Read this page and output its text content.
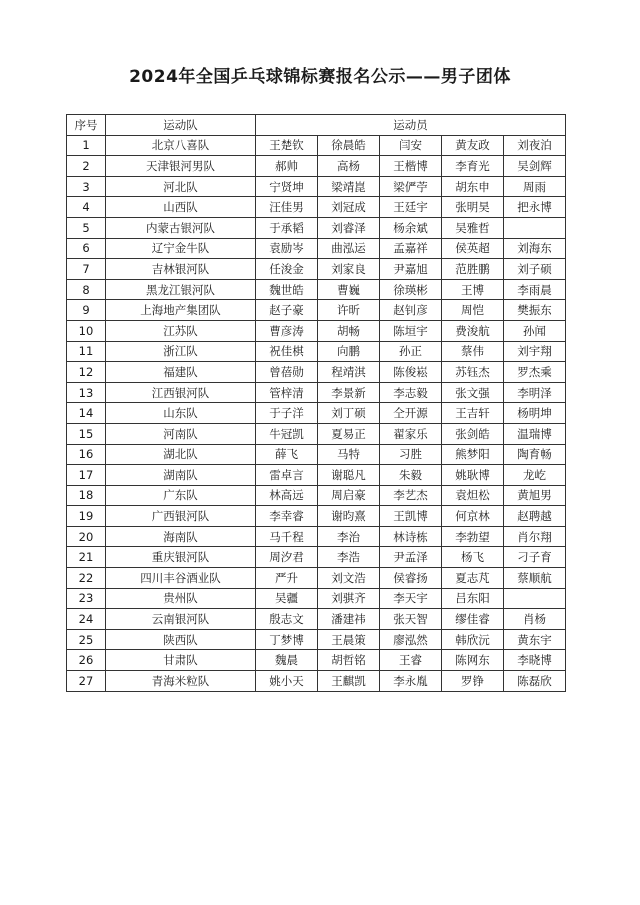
2024年全国乒乓球锦标赛报名公示——男子团体
序号	运动队	运动员				
1	北京八喜队	王楚钦	徐晨皓	闫安	黄友政	刘夜泊
2	天津银河男队	郝帅	高杨	王楷博	李育光	吴剑辉
3	河北队	宁贤坤	梁靖崑	梁俨苧	胡东申	周雨
4	山西队	汪佳男	刘冠成	王廷宇	张明昊	把永博
5	内蒙古银河队	于承韬	刘睿泽	杨余斌	吴雅哲	
6	辽宁金牛队	袁励岑	曲泓运	孟嘉祥	侯英超	刘海东
7	吉林银河队	任浚金	刘家良	尹嘉旭	范胜鹏	刘子硕
8	黑龙江银河队	魏世皓	曹巍	徐瑛彬	王博	李雨晨
9	上海地产集团队	赵子豪	许昕	赵钊彦	周恺	樊振东
10	江苏队	曹彦涛	胡畅	陈垣宇	费浚航	孙闻
11	浙江队	祝佳棋	向鹏	孙正	蔡伟	刘宇翔
12	福建队	曾蓓勋	程靖淇	陈俊崧	苏钰杰	罗杰乘
13	江西银河队	管梓清	李景新	李志毅	张文强	李明泽
14	山东队	于子洋	刘丁硕	仝开源	王吉轩	杨明坤
15	河南队	牛冠凯	夏易正	翟家乐	张剑皓	温瑞博
16	湖北队	薛飞	马特	习胜	熊梦阳	陶育畅
17	湖南队	雷卓言	谢聪凡	朱毅	姚耿博	龙屹
18	广东队	林高远	周启豪	李艺杰	袁炟松	黄旭男
19	广西银河队	李幸睿	谢昀熹	王凯博	何京林	赵聘越
20	海南队	马千程	李治	林诗栋	李勃望	肖尔翔
21	重庆银河队	周汐君	李浩	尹孟泽	杨飞	刁子育
22	四川丰谷酒业队	严升	刘文浩	侯睿扬	夏志芃	蔡顺航
23	贵州队	吴疆	刘骐齐	李天宇	吕东阳	
24	云南银河队	殷志文	潘建祎	张天智	缪佳睿	肖杨
25	陕西队	丁梦博	王晨策	廖泓然	韩欣沅	黄东宇
26	甘肃队	魏晨	胡哲铭	王睿	陈网东	李晓博
27	青海米粒队	姚小天	王麒凯	李永胤	罗铮	陈磊欣
